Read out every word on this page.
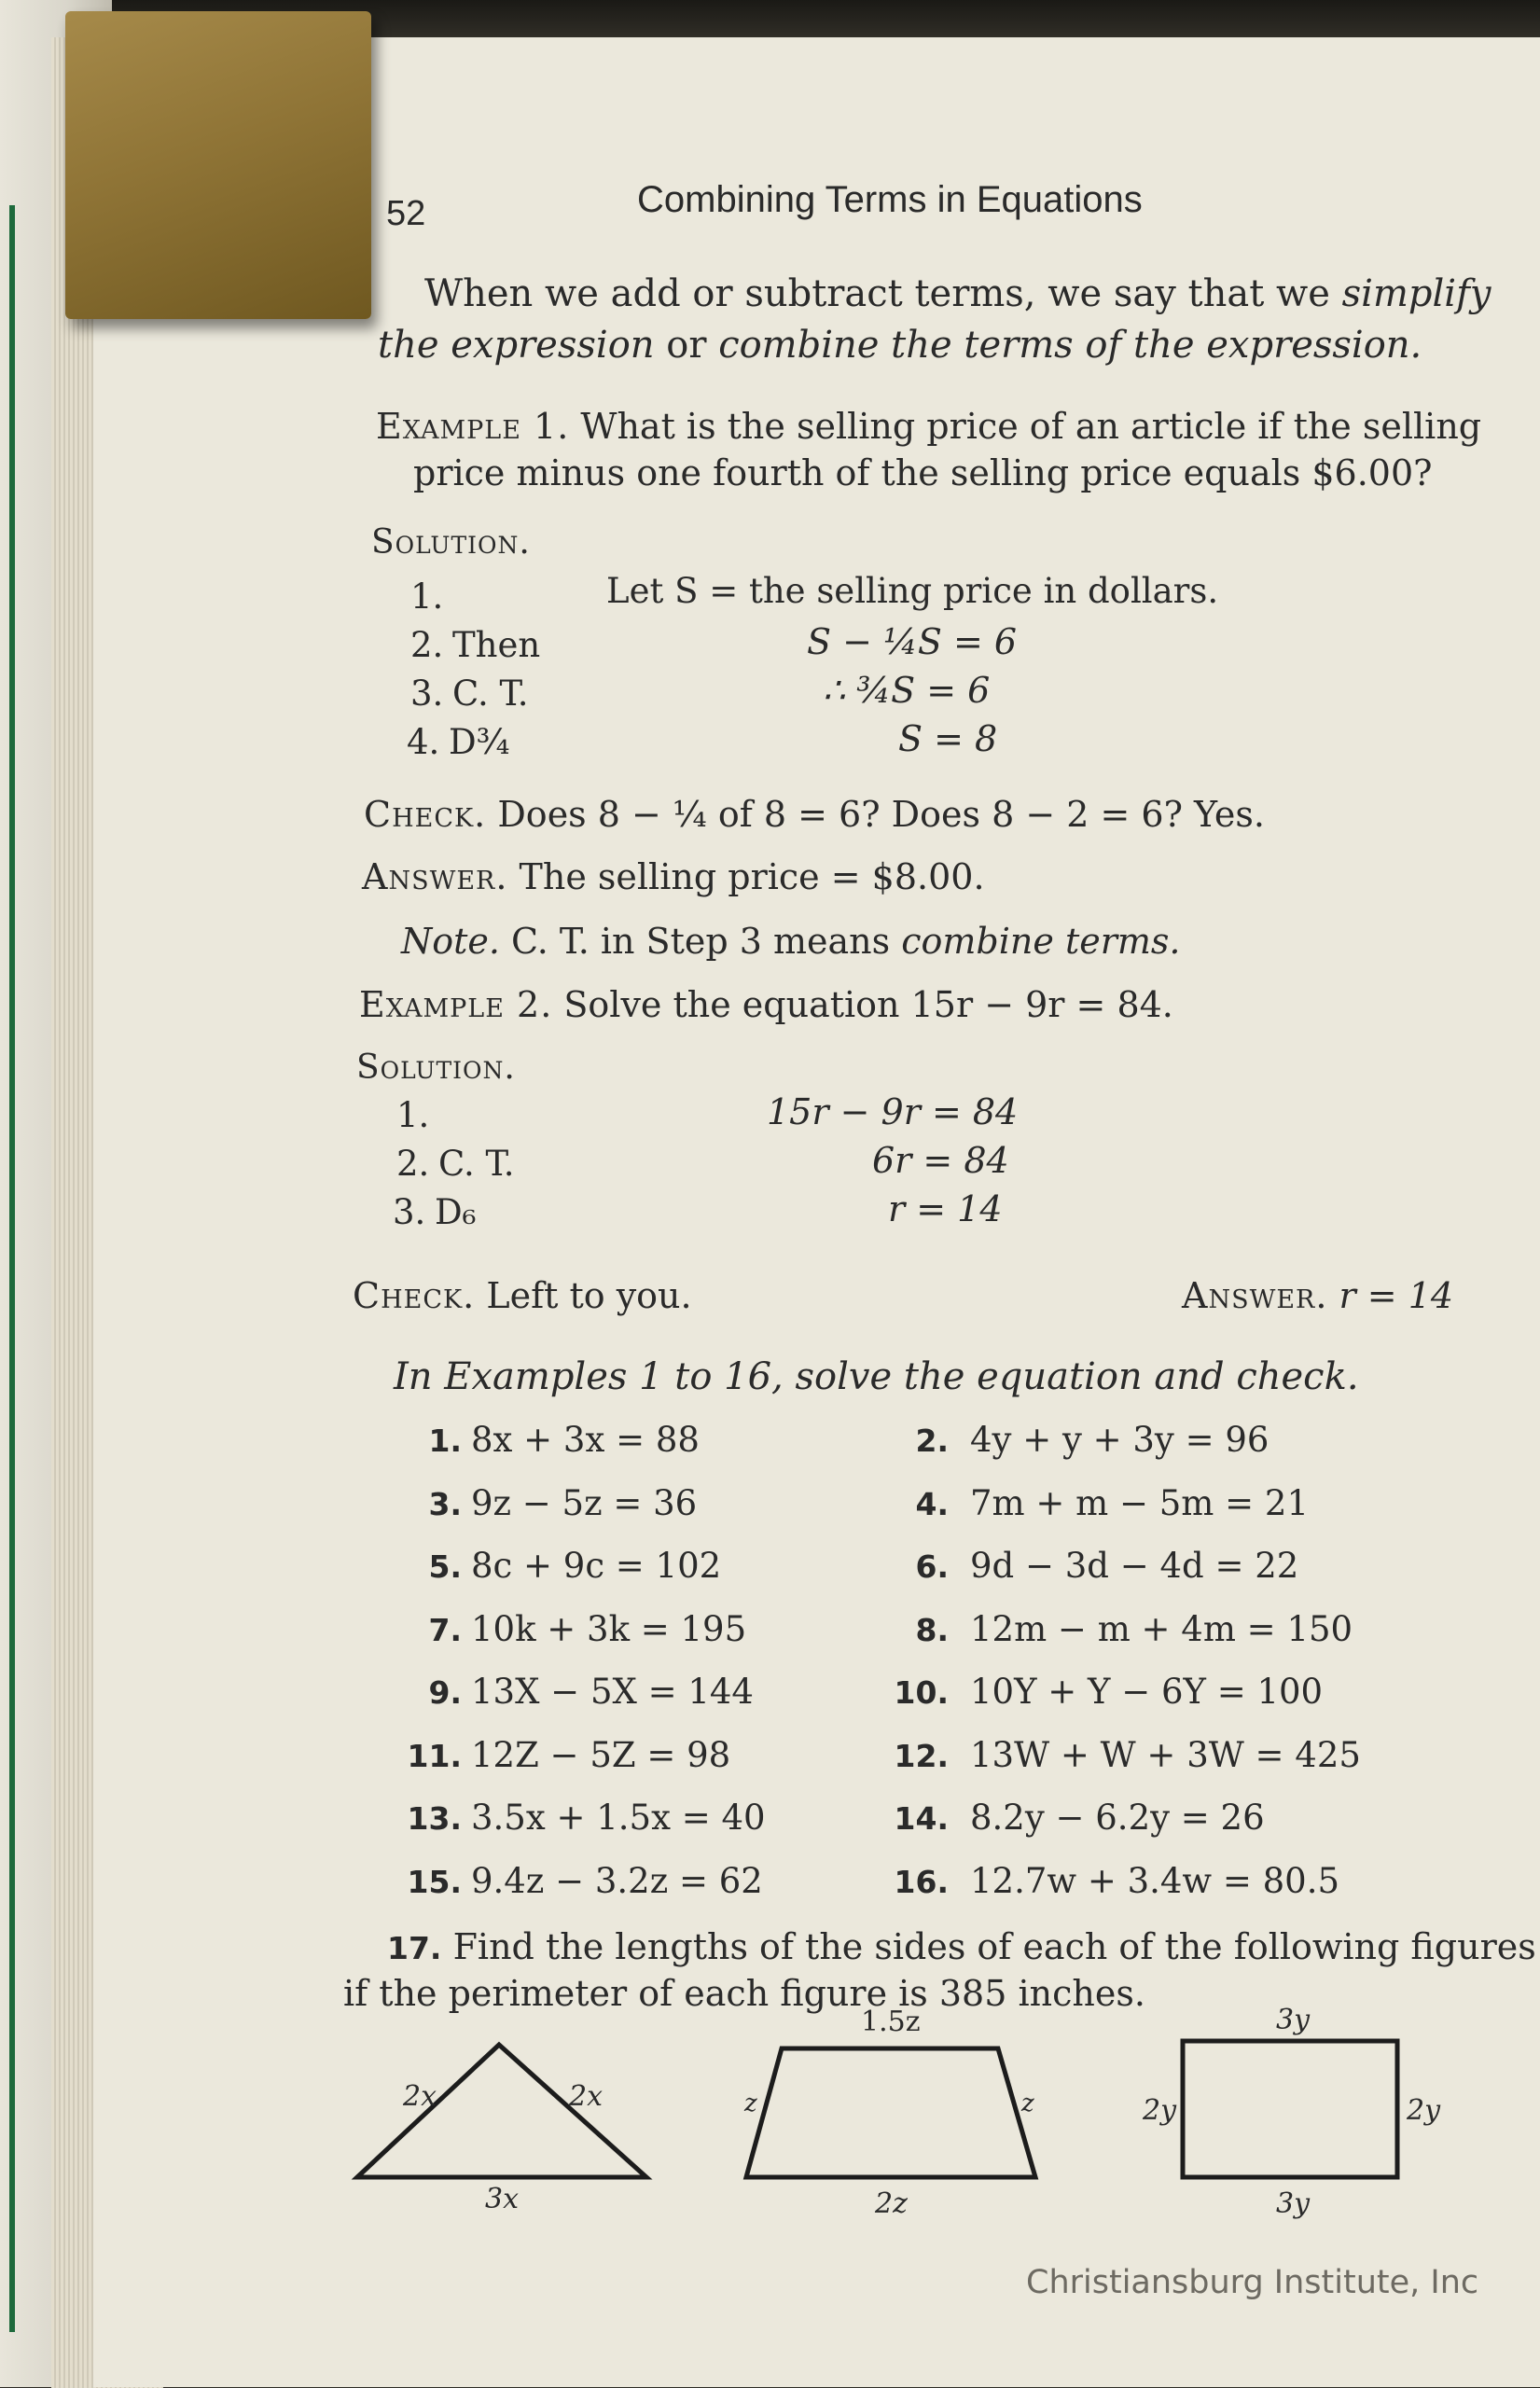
52	Combining Terms in Equations
When we add or subtract terms, we say that we simplify
the expression or combine the terms of the expression.
Example 1. What is the selling price of an article if the selling
price minus one fourth of the selling price equals $6.00?
Solution.
1.	Let S = the selling price in dollars.
2. Then	S − ¼S = 6
3. C. T.	∴ ¾S = 6
4. D¾	S = 8
Check. Does 8 − ¼ of 8 = 6? Does 8 − 2 = 6? Yes.
Answer. The selling price = $8.00.
Note. C. T. in Step 3 means combine terms.
Example 2. Solve the equation 15r − 9r = 84.
Solution.
1.	15r − 9r = 84
2. C. T.	6r = 84
3. D₆	r = 14
Check. Left to you.	Answer. r = 14
In Examples 1 to 16, solve the equation and check.
1. 8x + 3x = 88	2. 4y + y + 3y = 96
3. 9z − 5z = 36	4. 7m + m − 5m = 21
5. 8c + 9c = 102	6. 9d − 3d − 4d = 22
7. 10k + 3k = 195	8. 12m − m + 4m = 150
9. 13X − 5X = 144	10. 10Y + Y − 6Y = 100
11. 12Z − 5Z = 98	12. 13W + W + 3W = 425
13. 3.5x + 1.5x = 40	14. 8.2y − 6.2y = 26
15. 9.4z − 3.2z = 62	16. 12.7w + 3.4w = 80.5
17. Find the lengths of the sides of each of the following figures
if the perimeter of each figure is 385 inches.
2x	2x
3x
1.5z
z	z
2z
3y
2y	2y
3y
Christiansburg Institute, Inc
